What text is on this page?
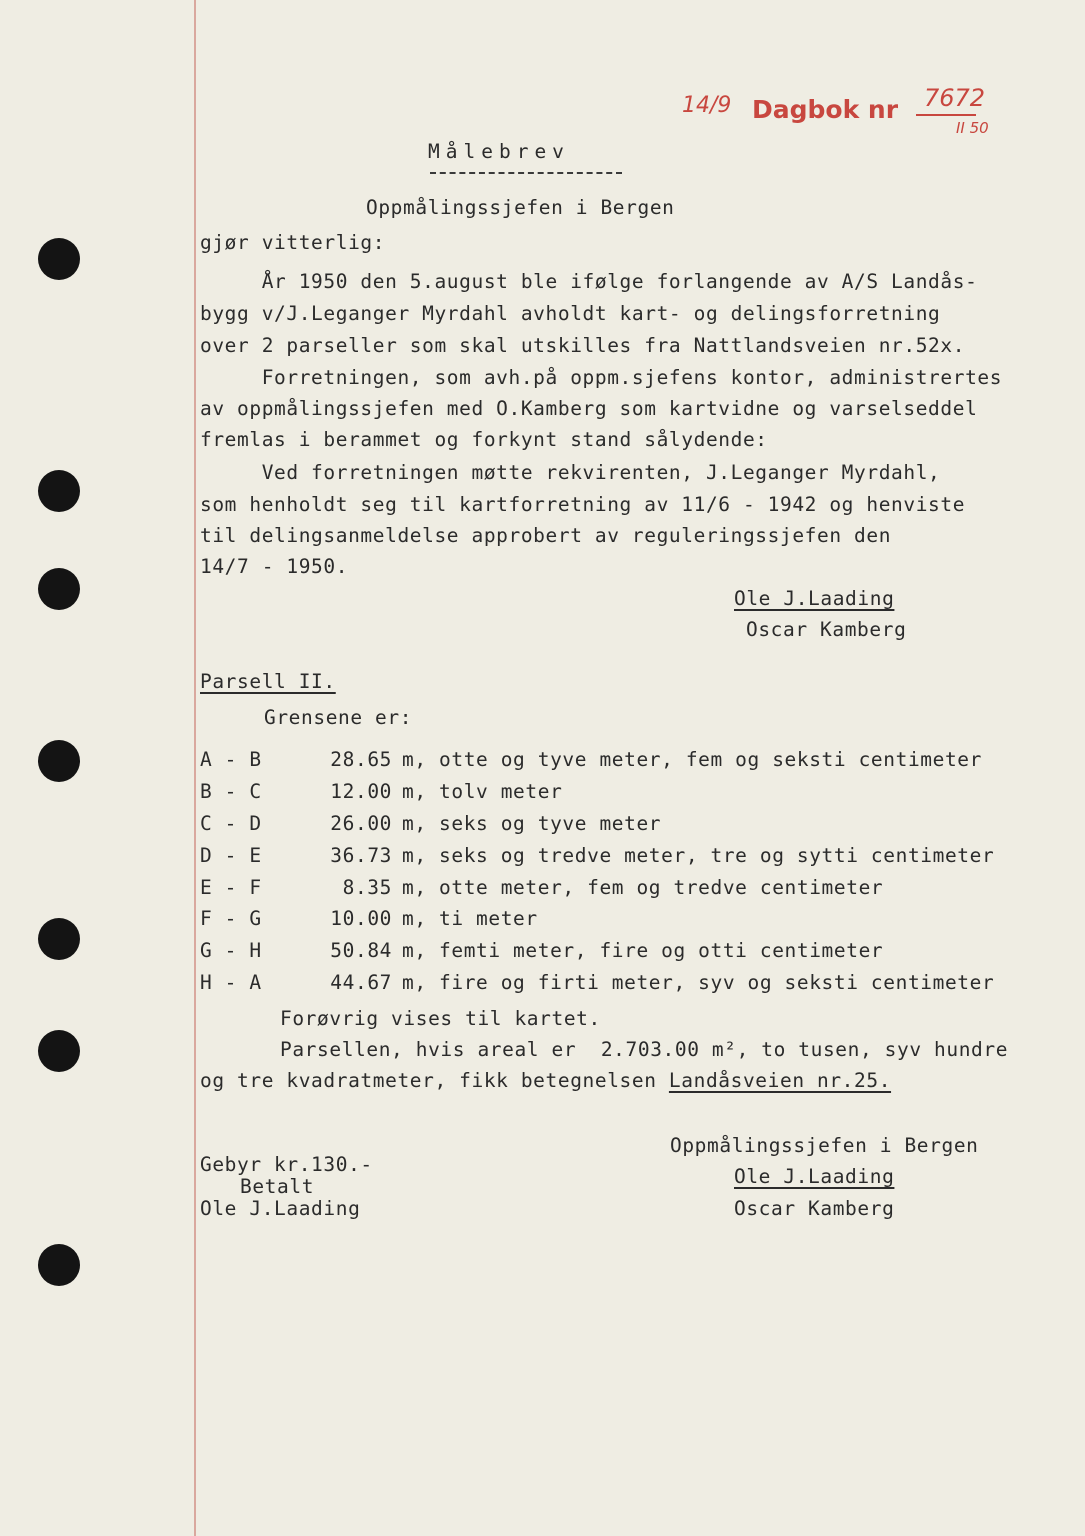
14/9 Dagbok nr 7672
II 50

Målebrev

Oppmålingssjefen i Bergen

gjør vitterlig:

År 1950 den 5.august ble ifølge forlangende av A/S Landås-

bygg v/J.Leganger Myrdahl avholdt kart- og delingsforretning

over 2 parseller som skal utskilles fra Nattlandsveien nr.52x.

Forretningen, som avh.på oppm.sjefens kontor, administrertes

av oppmålingssjefen med O.Kamberg som kartvidne og varselseddel

fremlas i berammet og forkynt stand sålydende:

Ved forretningen møtte rekvirenten, J.Leganger Myrdahl,

som henholdt seg til kartforretning av 11/6 - 1942 og henviste

til delingsanmeldelse approbert av reguleringssjefen den

14/7 - 1950.

Ole J.Laading

Oscar Kamberg

Parsell II.

Grensene er:

A - B	28.65 m, otte og tyve meter, fem og seksti centimeter

B - C	12.00 m, tolv meter

C - D	26.00 m, seks og tyve meter

D - E	36.73 m, seks og tredve meter, tre og sytti centimeter

E - F	8.35 m, otte meter, fem og tredve centimeter

F - G	10.00 m, ti meter

G - H	50.84 m, femti meter, fire og otti centimeter

H - A	44.67 m, fire og firti meter, syv og seksti centimeter

Forøvrig vises til kartet.

Parsellen, hvis areal er  2.703.00 m², to tusen, syv hundre

og tre kvadratmeter, fikk betegnelsen Landåsveien nr.25.

Oppmålingssjefen i Bergen

Ole J.Laading

Oscar Kamberg

Gebyr kr.130.-

Betalt

Ole J.Laading
